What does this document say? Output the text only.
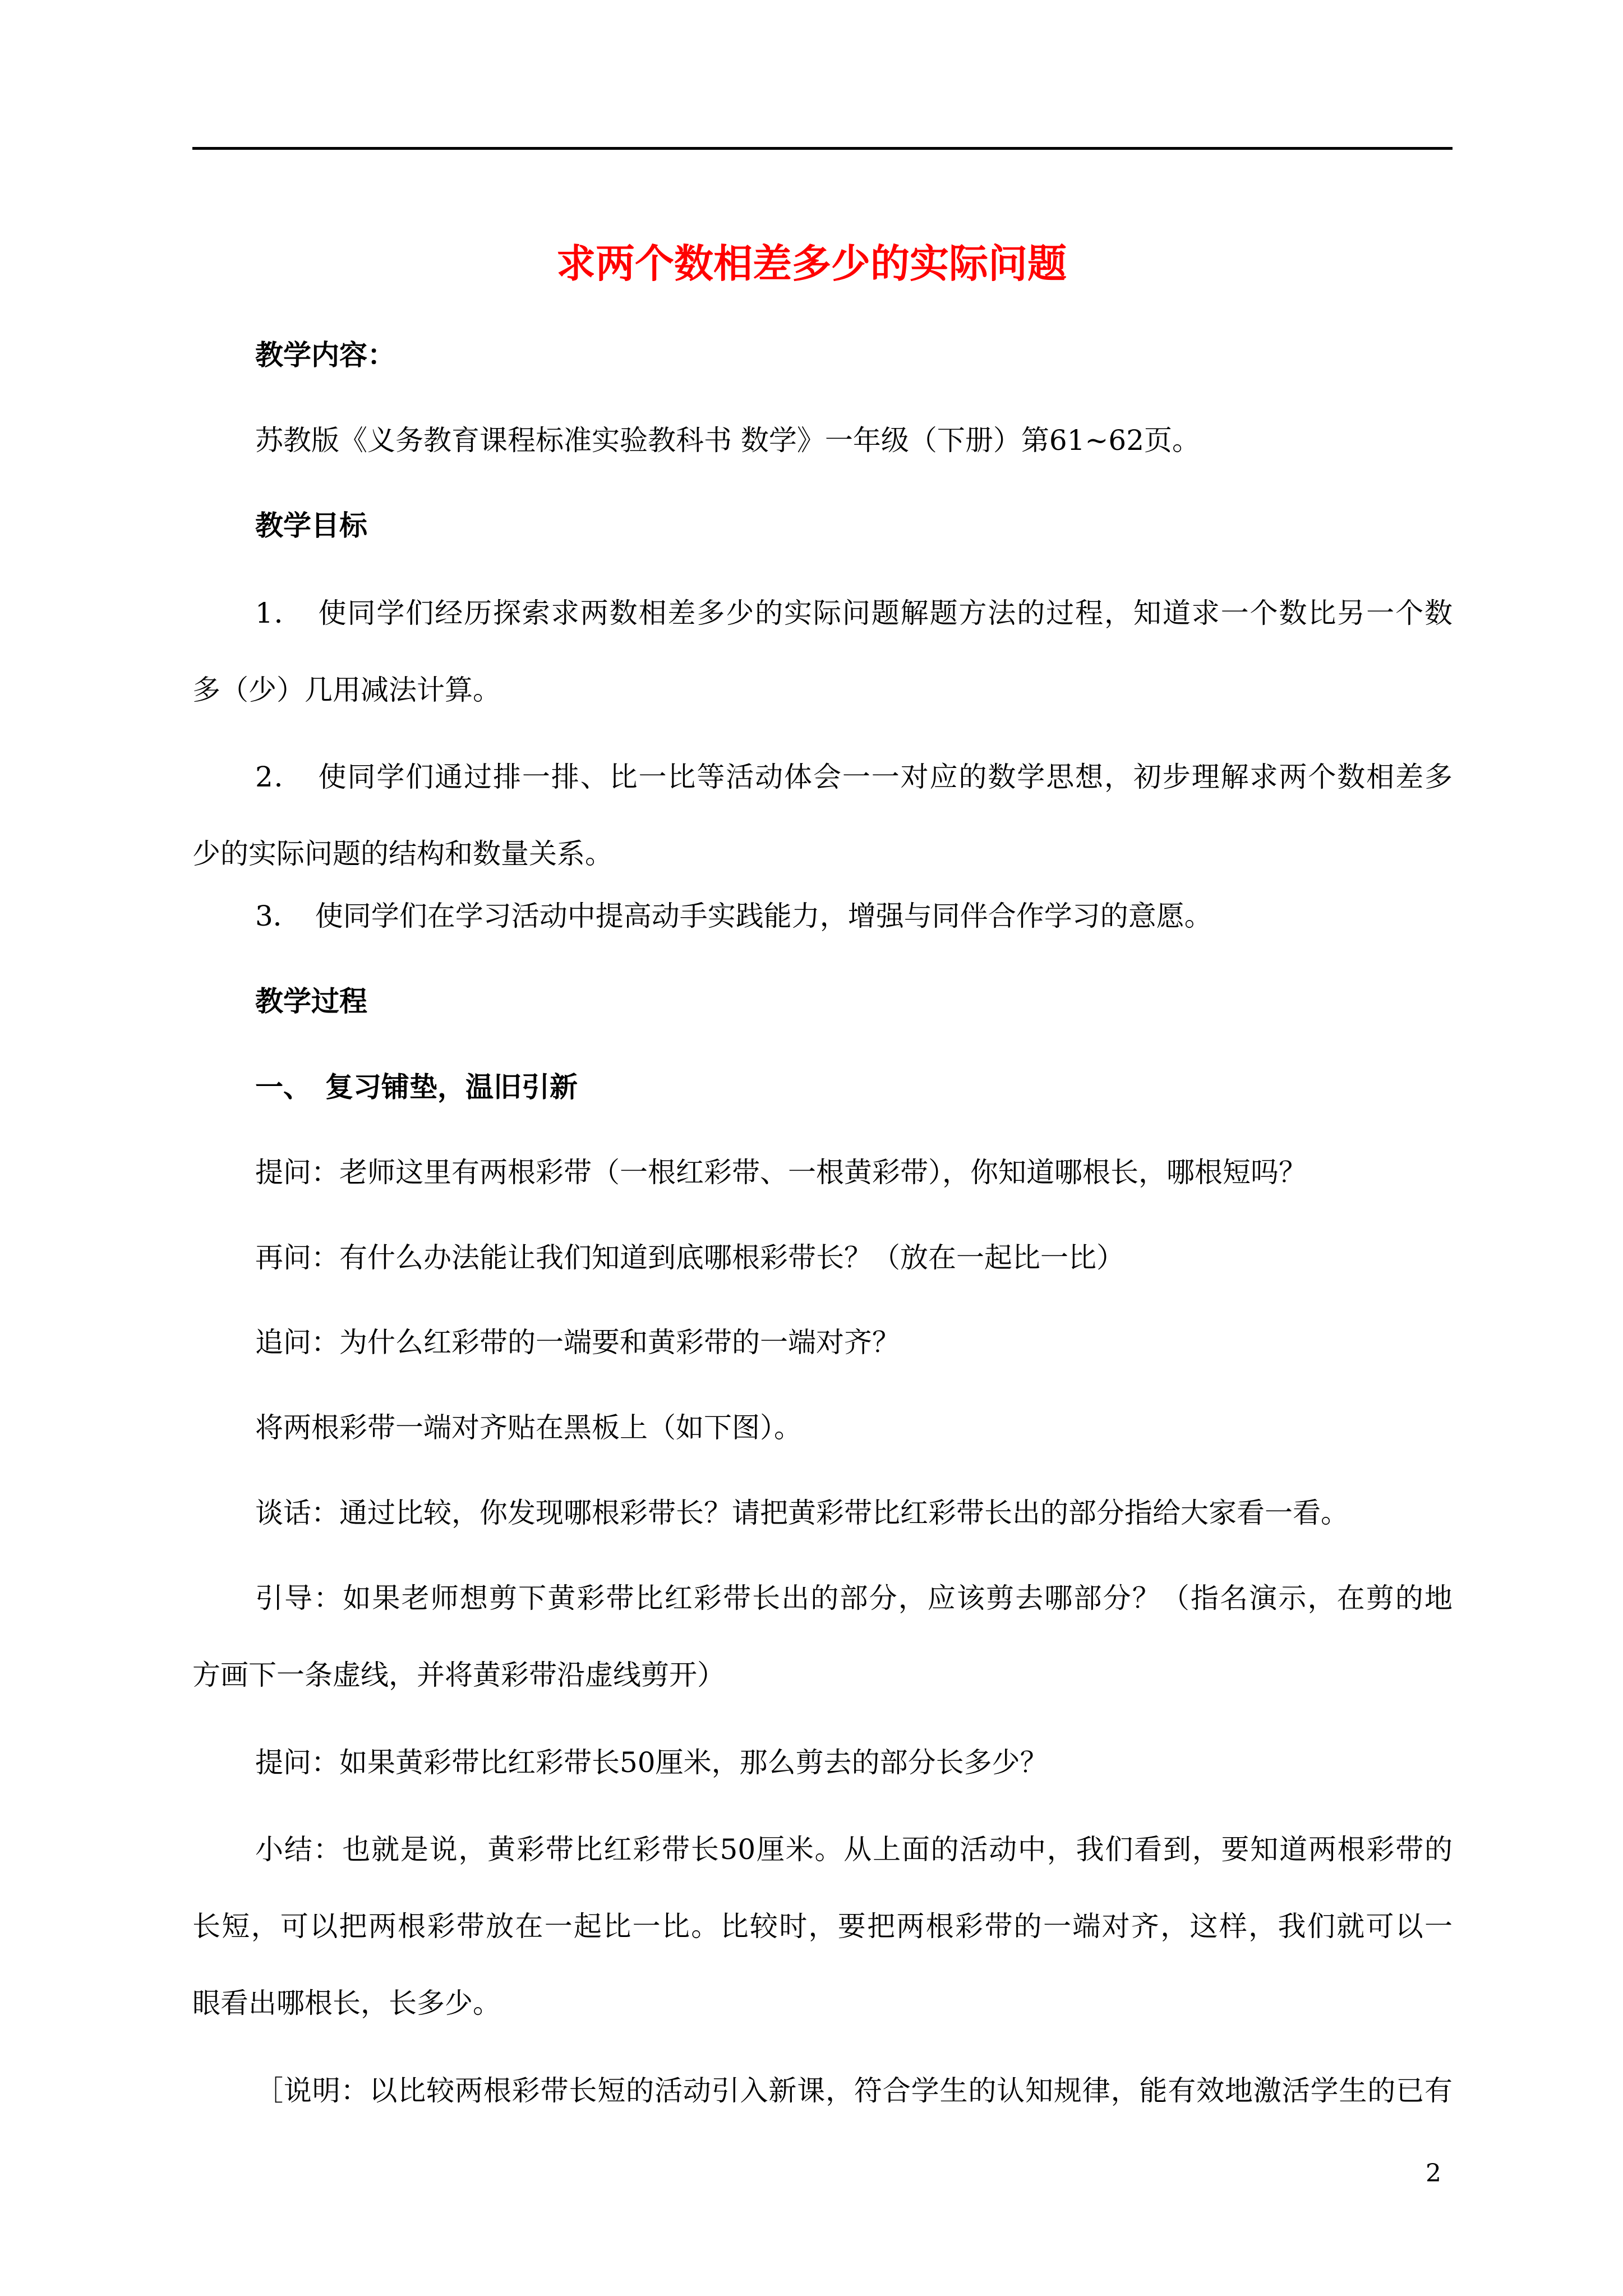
求两个数相差多少的实际问题
教学内容：
苏教版《义务教育课程标准实验教科书 数学》一年级（下册）第61~62页。
教学目标
1．　使同学们经历探索求两数相差多少的实际问题解题方法的过程，知道求一个数比另一个数
多（少）几用减法计算。
2．　使同学们通过排一排、比一比等活动体会一一对应的数学思想，初步理解求两个数相差多
少的实际问题的结构和数量关系。
3．　使同学们在学习活动中提高动手实践能力，增强与同伴合作学习的意愿。
教学过程
一、　复习铺垫，温旧引新
提问：老师这里有两根彩带（一根红彩带、一根黄彩带），你知道哪根长，哪根短吗？
再问：有什么办法能让我们知道到底哪根彩带长？（放在一起比一比）
追问：为什么红彩带的一端要和黄彩带的一端对齐？
将两根彩带一端对齐贴在黑板上（如下图）。
谈话：通过比较，你发现哪根彩带长？请把黄彩带比红彩带长出的部分指给大家看一看。
引导：如果老师想剪下黄彩带比红彩带长出的部分，应该剪去哪部分？（指名演示，在剪的地
方画下一条虚线，并将黄彩带沿虚线剪开）
提问：如果黄彩带比红彩带长50厘米，那么剪去的部分长多少？
小结：也就是说，黄彩带比红彩带长50厘米。从上面的活动中，我们看到，要知道两根彩带的
长短，可以把两根彩带放在一起比一比。比较时，要把两根彩带的一端对齐，这样，我们就可以一
眼看出哪根长，长多少。
［说明：以比较两根彩带长短的活动引入新课，符合学生的认知规律，能有效地激活学生的已有
2
